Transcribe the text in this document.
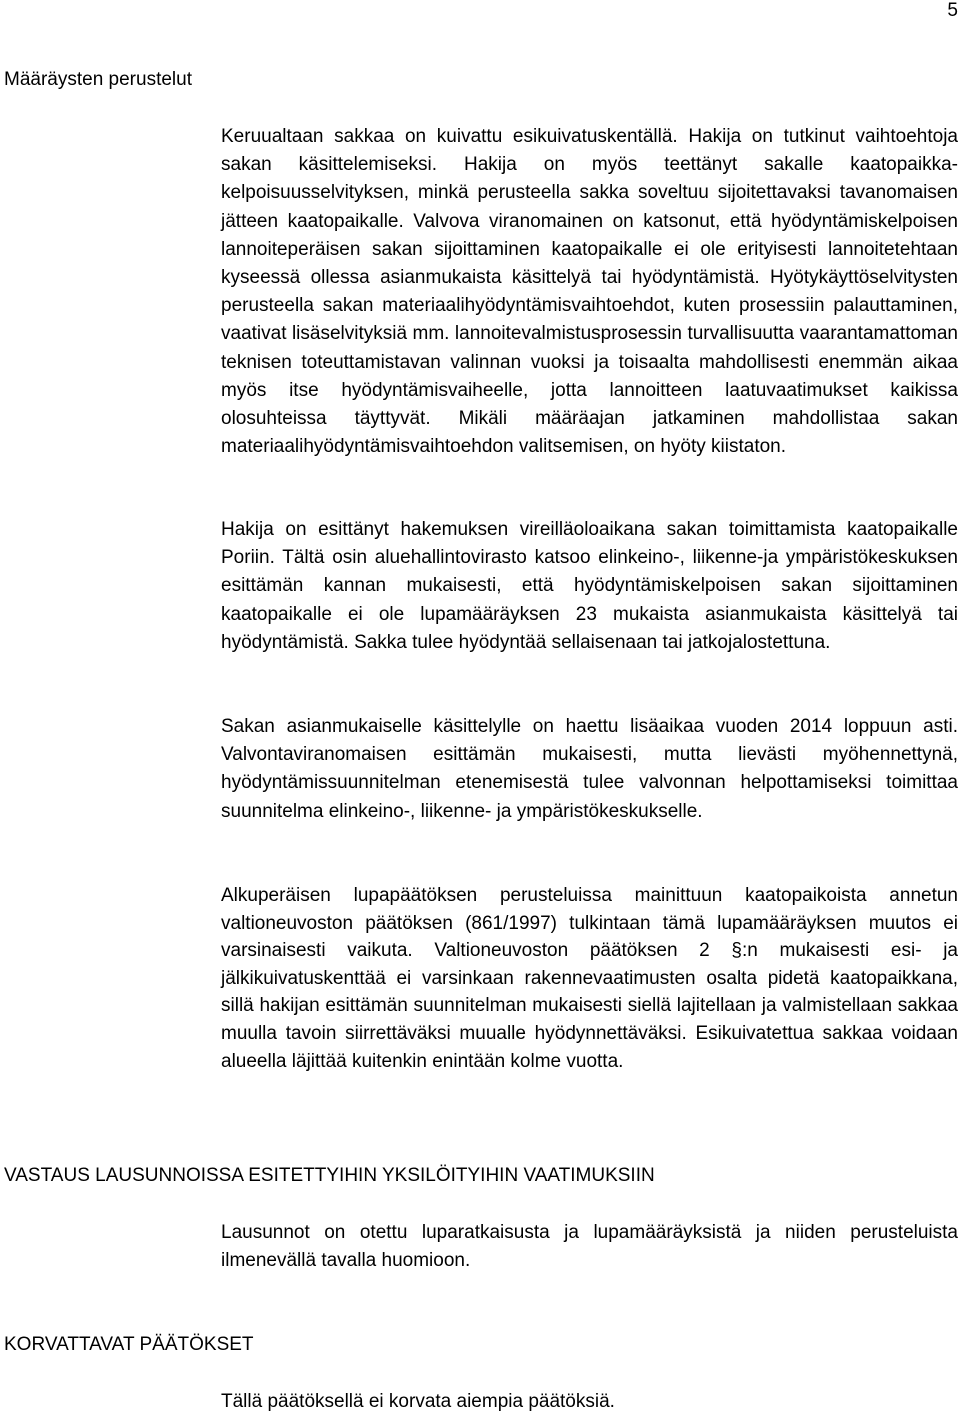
5
Määräysten perustelut

Keruualtaan sakkaa on kuivattu esikuivatuskentällä. Hakija on tutkinut vaihtoehtoja sakan käsittelemiseksi. Hakija on myös teettänyt sakalle kaatopaikkakelpoisuusselvityksen, minkä perusteella sakka soveltuu sijoitettavaksi tavanomaisen jätteen kaatopaikalle. Valvova viranomainen on katsonut, että hyödyntämiskelpoisen lannoiteperäisen sakan sijoittaminen kaatopaikalle ei ole erityisesti lannoitetehtaan kyseessä ollessa asianmukaista käsittelyä tai hyödyntämistä. Hyötykäyttöselvitysten perusteella sakan materiaalihyödyntämisvaihtoehdot, kuten prosessiin palauttaminen, vaativat lisäselvityksiä mm. lannoitevalmistusprosessin turvallisuutta vaarantamattoman teknisen toteuttamistavan valinnan vuoksi ja toisaalta mahdollisesti enemmän aikaa myös itse hyödyntämisvaiheelle, jotta lannoitteen laatuvaatimukset kaikissa olosuhteissa täyttyvät. Mikäli määräajan jatkaminen mahdollistaa sakan materiaalihyödyntämisvaihtoehdon valitsemisen, on hyöty kiistaton.

Hakija on esittänyt hakemuksen vireilläoloaikana sakan toimittamista kaatopaikalle Poriin. Tältä osin aluehallintovirasto katsoo elinkeino-, liikenne-ja ympäristökeskuksen esittämän kannan mukaisesti, että hyödyntämiskelpoisen sakan sijoittaminen kaatopaikalle ei ole lupamääräyksen 23 mukaista asianmukaista käsittelyä tai hyödyntämistä. Sakka tulee hyödyntää sellaisenaan tai jatkojalostettuna.

Sakan asianmukaiselle käsittelylle on haettu lisäaikaa vuoden 2014 loppuun asti. Valvontaviranomaisen esittämän mukaisesti, mutta lievästi myöhennettynä, hyödyntämissuunnitelman etenemisestä tulee valvonnan helpottamiseksi toimittaa suunnitelma elinkeino-, liikenne- ja ympäristökeskukselle.

Alkuperäisen lupapäätöksen perusteluissa mainittuun kaatopaikoista annetun valtioneuvoston päätöksen (861/1997) tulkintaan tämä lupamääräyksen muutos ei varsinaisesti vaikuta. Valtioneuvoston päätöksen 2 §:n mukaisesti esi- ja jälkikuivatuskenttää ei varsinkaan rakennevaatimusten osalta pidetä kaatopaikkana, sillä hakijan esittämän suunnitelman mukaisesti siellä lajitellaan ja valmistellaan sakkaa muulla tavoin siirrettäväksi muualle hyödynnettäväksi. Esikuivatettua sakkaa voidaan alueella läjittää kuitenkin enintään kolme vuotta.

VASTAUS LAUSUNNOISSA ESITETTYIHIN YKSILÖITYIHIN VAATIMUKSIIN

Lausunnot on otettu luparatkaisusta ja lupamääräyksistä ja niiden perusteluista ilmenevällä tavalla huomioon.

KORVATTAVAT PÄÄTÖKSET

Tällä päätöksellä ei korvata aiempia päätöksiä.
